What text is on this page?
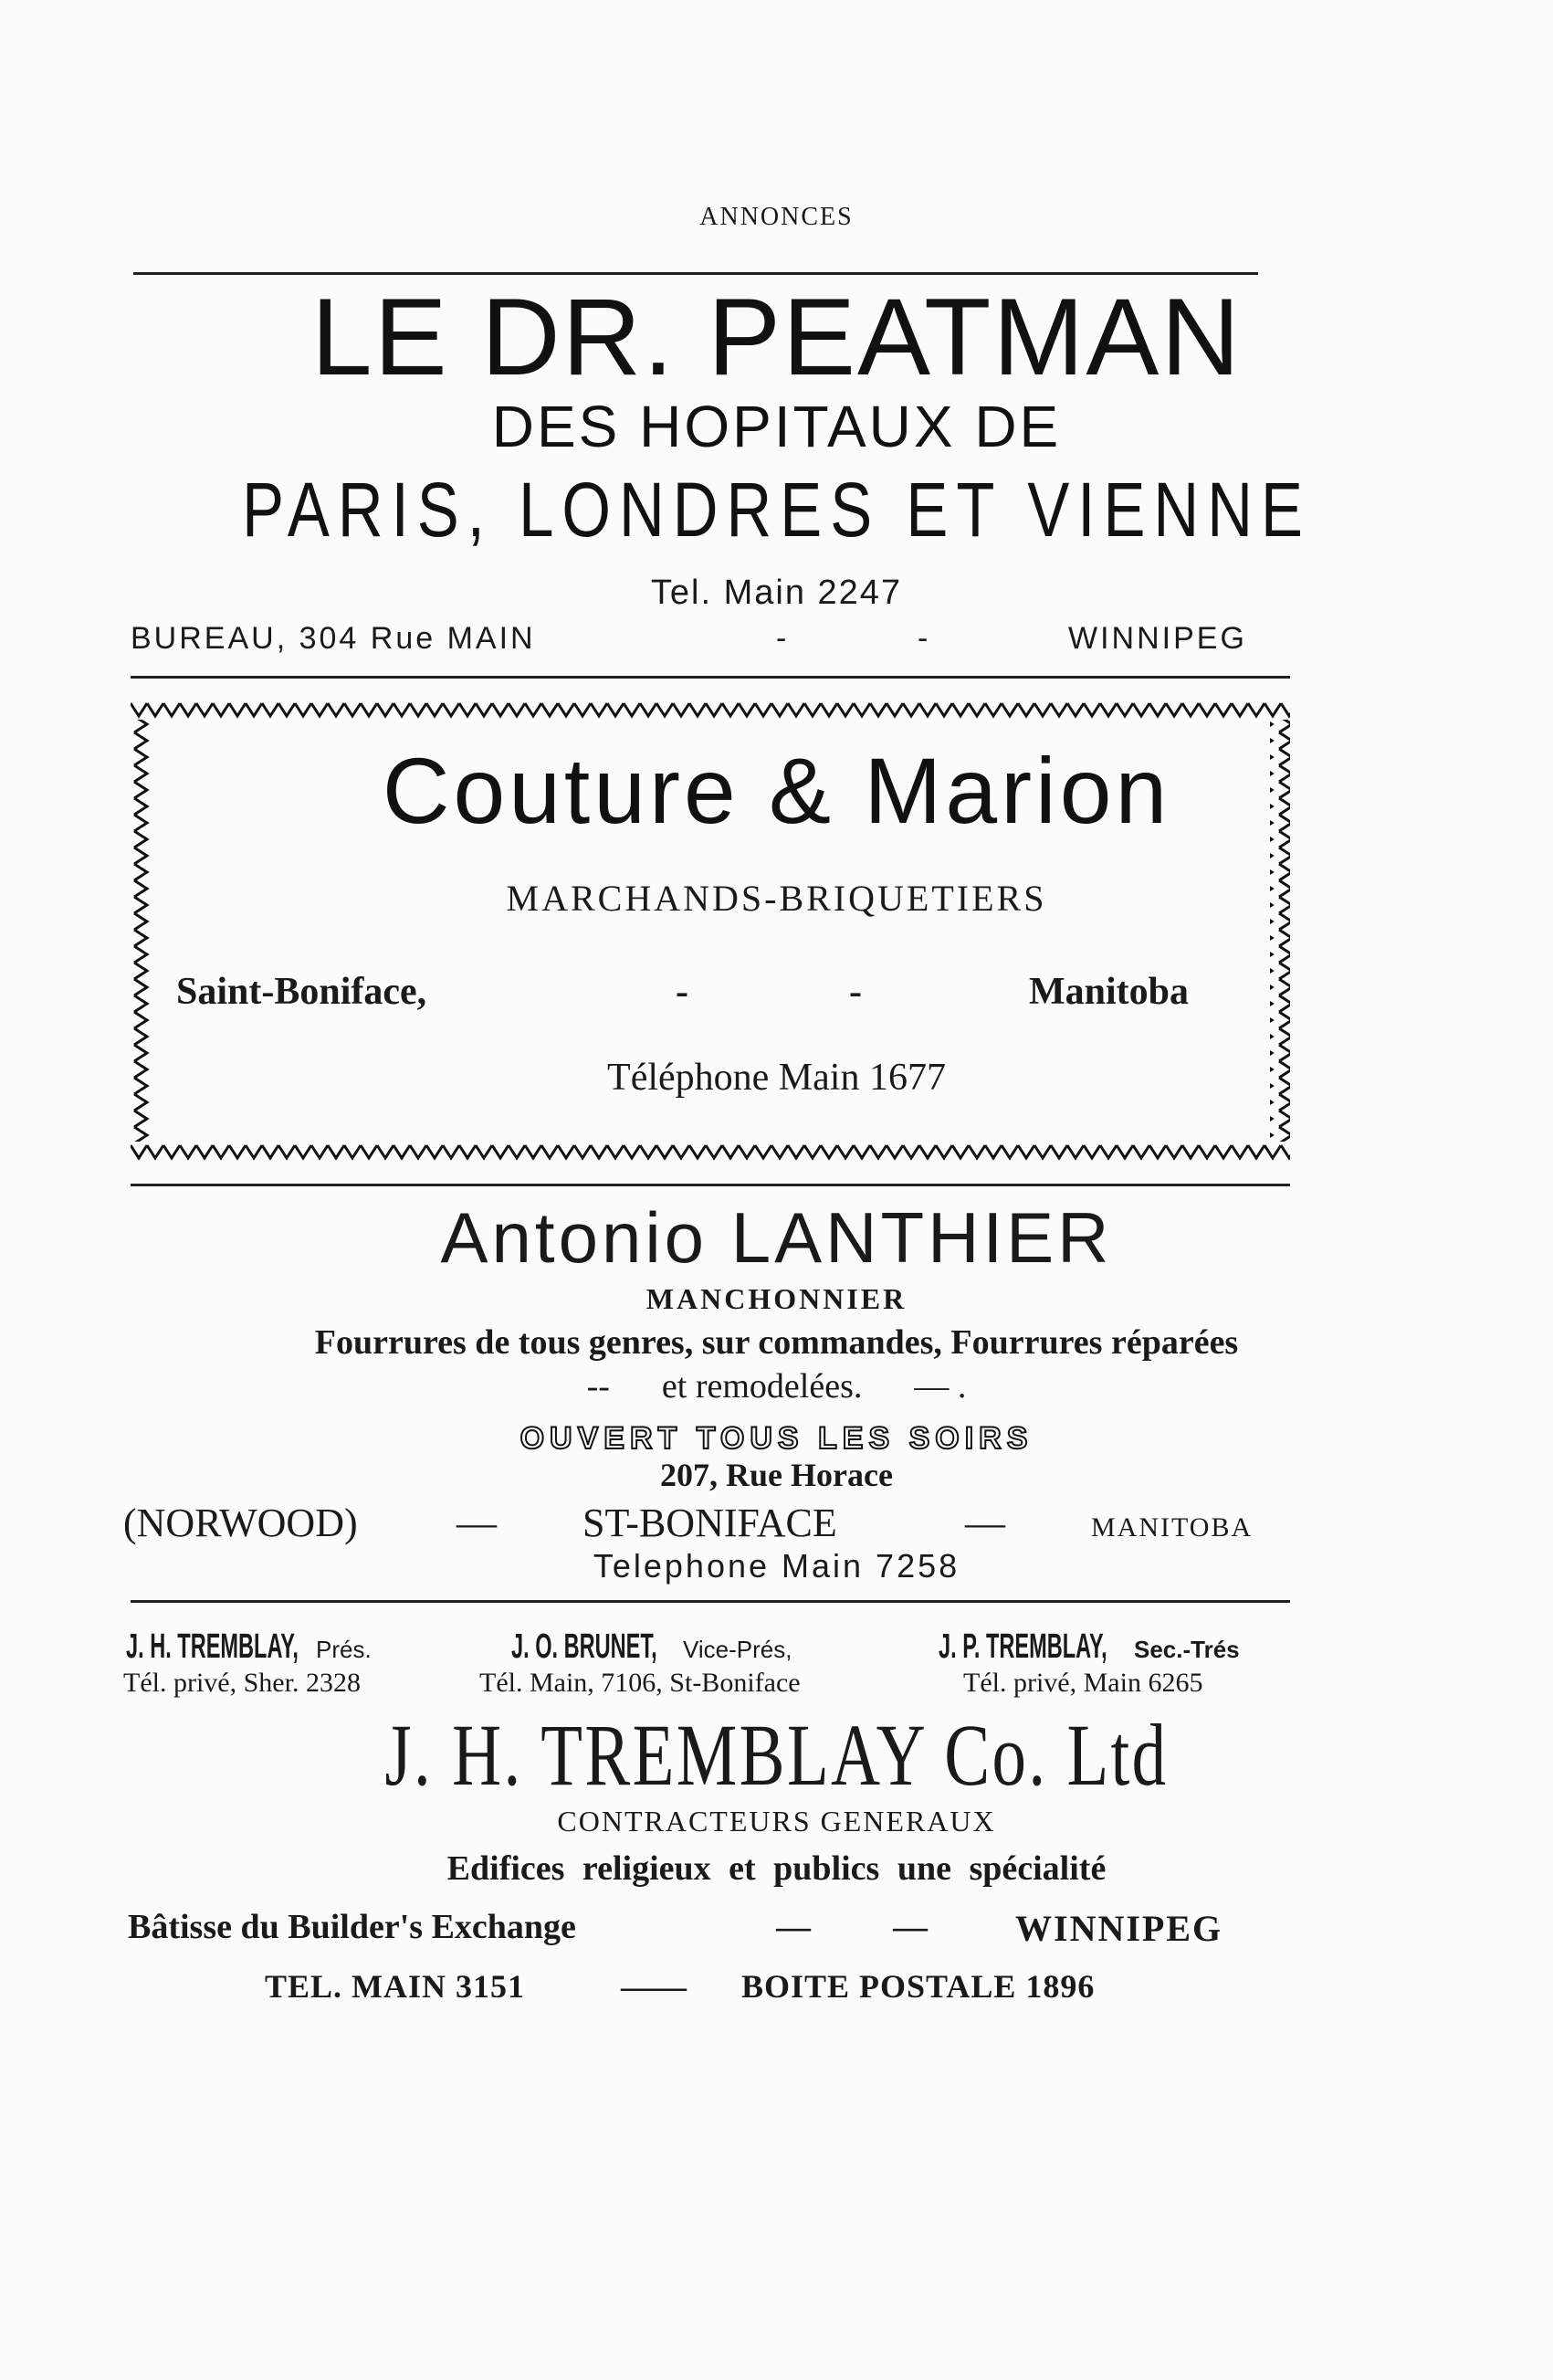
ANNONCES
LE DR. PEATMAN
DES HOPITAUX DE
PARIS, LONDRES ET VIENNE
Tel. Main 2247
BUREAU, 304 Rue MAIN	-	-	WINNIPEG
Couture & Marion
MARCHANDS-BRIQUETIERS
Saint-Boniface,	-	-	Manitoba
Téléphone Main 1677
Antonio LANTHIER
MANCHONNIER
Fourrures de tous genres, sur commandes, Fourrures réparées
--      et remodelées.      — .
OUVERT TOUS LES SOIRS
207, Rue Horace
(NORWOOD) — ST-BONIFACE	—	MANITOBA
Telephone Main 7258
J. H. TREMBLAY, Prés.	J. O. BRUNET, Vice-Prés,	J. P. TREMBLAY, Sec.-Trés
Tél. privé, Sher. 2328	Tél. Main, 7106, St-Boniface	Tél. privé, Main 6265
J. H. TREMBLAY Co. Ltd
CONTRACTEURS GENERAUX
Edifices religieux et publics une spécialité
Bâtisse du Builder's Exchange	— — WINNIPEG
TEL. MAIN 3151	—— BOITE POSTALE 1896
